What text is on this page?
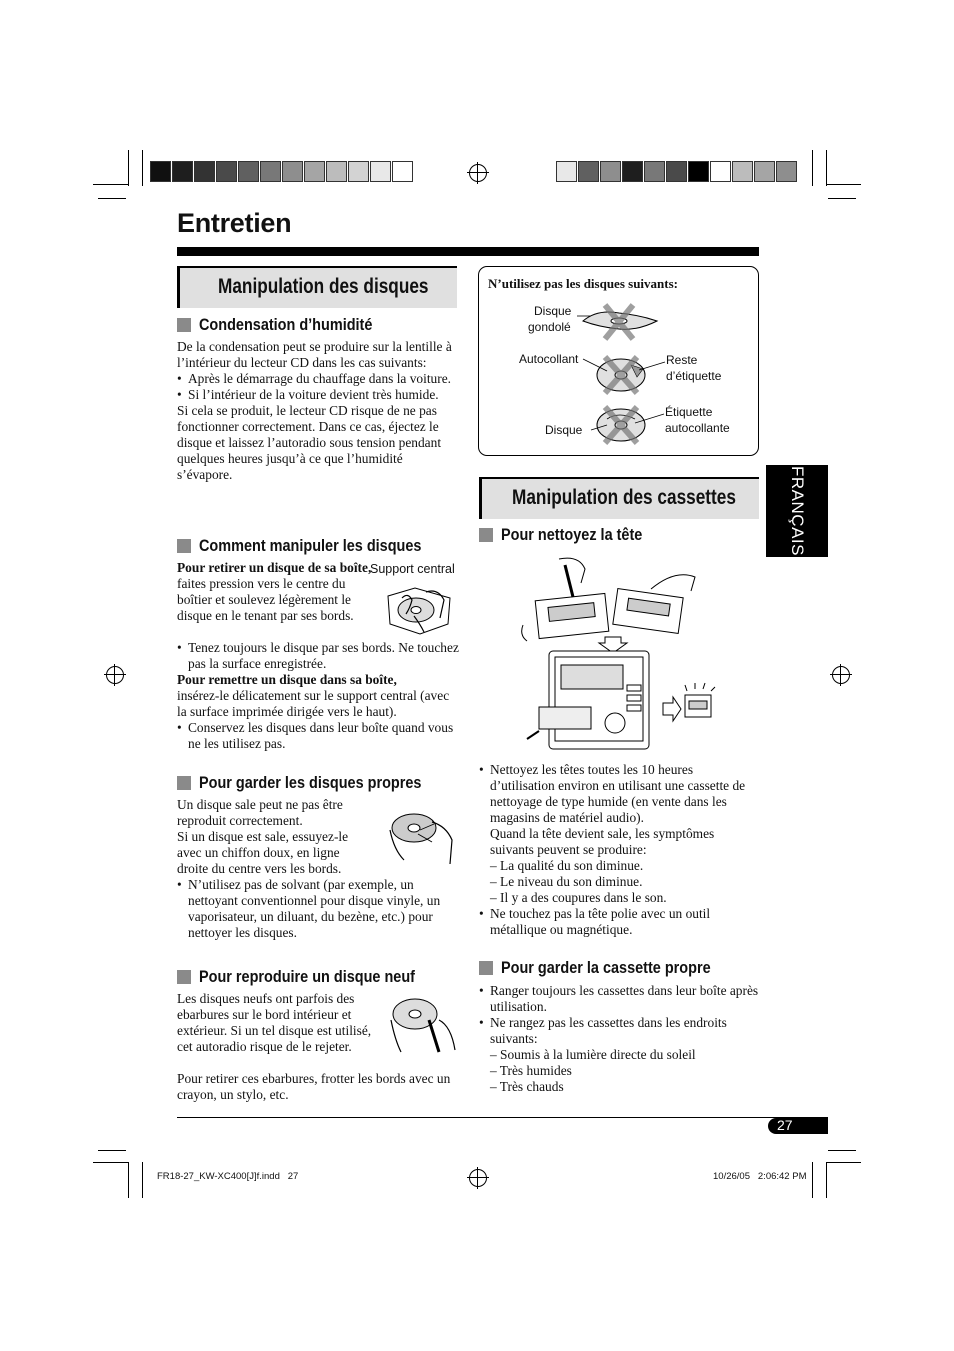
Entretien
FRANÇAIS
Manipulation des disques
Condensation d’humidité
De la condensation peut se produire sur la lentille à l’intérieur du lecteur CD dans les cas suivants:
• Après le démarrage du chauffage dans la voiture.
• Si l’intérieur de la voiture devient très humide.
Si cela se produit, le lecteur CD risque de ne pas fonctionner correctement. Dans ce cas, éjectez le disque et laissez l’autoradio sous tension pendant quelques heures jusqu’à ce que l’humidité s’évapore.
Comment manipuler les disques
Pour retirer un disque de sa boîte, faites pression vers le centre du boîtier et soulevez légèrement le disque en le tenant par ses bords.
Support central
• Tenez toujours le disque par ses bords. Ne touchez pas la surface enregistrée.
Pour remettre un disque dans sa boîte,
insérez-le délicatement sur le support central (avec la surface imprimée dirigée vers le haut).
• Conservez les disques dans leur boîte quand vous ne les utilisez pas.
Pour garder les disques propres
Un disque sale peut ne pas être reproduit correctement.
Si un disque est sale, essuyez-le avec un chiffon doux, en ligne droite du centre vers les bords.
• N’utilisez pas de solvant (par exemple, un nettoyant conventionnel pour disque vinyle, un vaporisateur, un diluant, du bezène, etc.) pour nettoyer les disques.
Pour reproduire un disque neuf
Les disques neufs ont parfois des ebarbures sur le bord intérieur et extérieur. Si un tel disque est utilisé, cet autoradio risque de le rejeter.
Pour retirer ces ebarbures, frotter les bords avec un crayon, un stylo, etc.
N’utilisez pas les disques suivants:
Disque
gondolé
Autocollant	Reste
d’étiquette
Étiquette
autocollante
Disque
Manipulation des cassettes
Pour nettoyez la tête
• Nettoyez les têtes toutes les 10 heures d’utilisation environ en utilisant une cassette de nettoyage de type humide (en vente dans les magasins de matériel audio).
Quand la tête devient sale, les symptômes suivants peuvent se produire:
– La qualité du son diminue.
– Le niveau du son diminue.
– Il y a des coupures dans le son.
• Ne touchez pas la tête polie avec un outil métallique ou magnétique.
Pour garder la cassette propre
• Ranger toujours les cassettes dans leur boîte après utilisation.
• Ne rangez pas les cassettes dans les endroits suivants:
– Soumis à la lumière directe du soleil
– Très humides
– Très chauds
27
FR18-27_KW-XC400[J]f.indd   27	10/26/05   2:06:42 PM
